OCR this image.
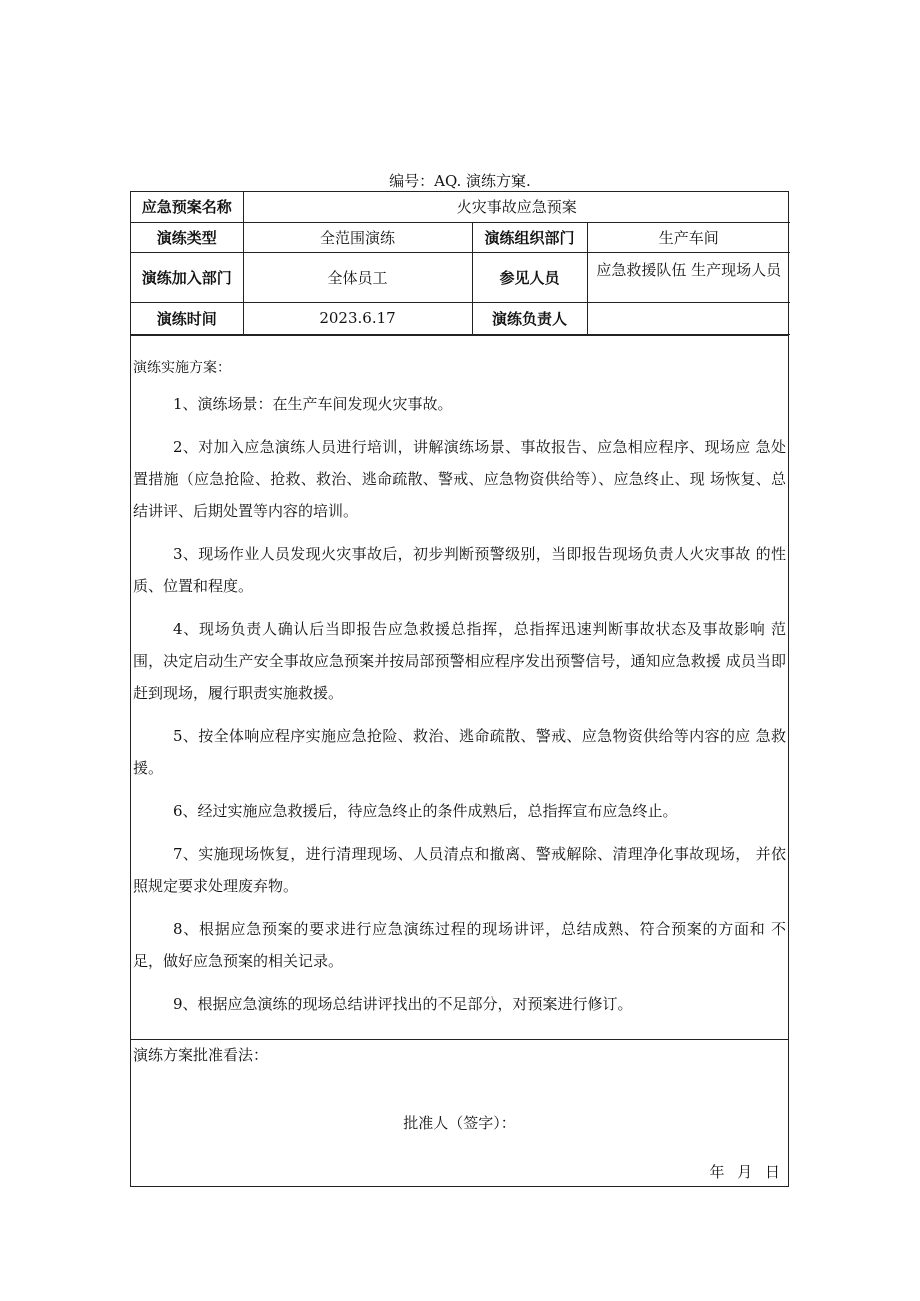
编号：AQ. 演练方窠.
应急预案名称	火灾事故应急预案		
演练类型	全范围演练	演练组织部门	生产车间
演练加入部门	全体员工	参见人员	应急救援队伍 生产现场人员
演练时间	2023.6.17	演练负责人	
演练实施方案：

1、演练场景：在生产车间发现火灾事故。

2、对加入应急演练人员进行培训，讲解演练场景、事故报告、应急相应程序、现场应 急处置措施（应急抢险、抢救、救治、逃命疏散、警戒、应急物资供给等）、应急终止、现 场恢复、总结讲评、后期处置等内容的培训。

3、现场作业人员发现火灾事故后，初步判断预警级别，当即报告现场负责人火灾事故 的性质、位置和程度。

4、现场负责人确认后当即报告应急救援总指挥，总指挥迅速判断事故状态及事故影响 范围，决定启动生产安全事故应急预案并按局部预警相应程序发出预警信号，通知应急救援 成员当即赶到现场，履行职责实施救援。

5、按全体响应程序实施应急抢险、救治、逃命疏散、警戒、应急物资供给等内容的应 急救援。

6、经过实施应急救援后，待应急终止的条件成熟后，总指挥宣布应急终止。

7、实施现场恢复，进行清理现场、人员清点和撤离、警戒解除、清理净化事故现场， 并依照规定要求处理废弃物。

8、根据应急预案的要求进行应急演练过程的现场讲评，总结成熟、符合预案的方面和 不足，做好应急预案的相关记录。

9、根据应急演练的现场总结讲评找出的不足部分，对预案进行修订。

演练方案批准看法：
批准人（签字）：
年 月 日
